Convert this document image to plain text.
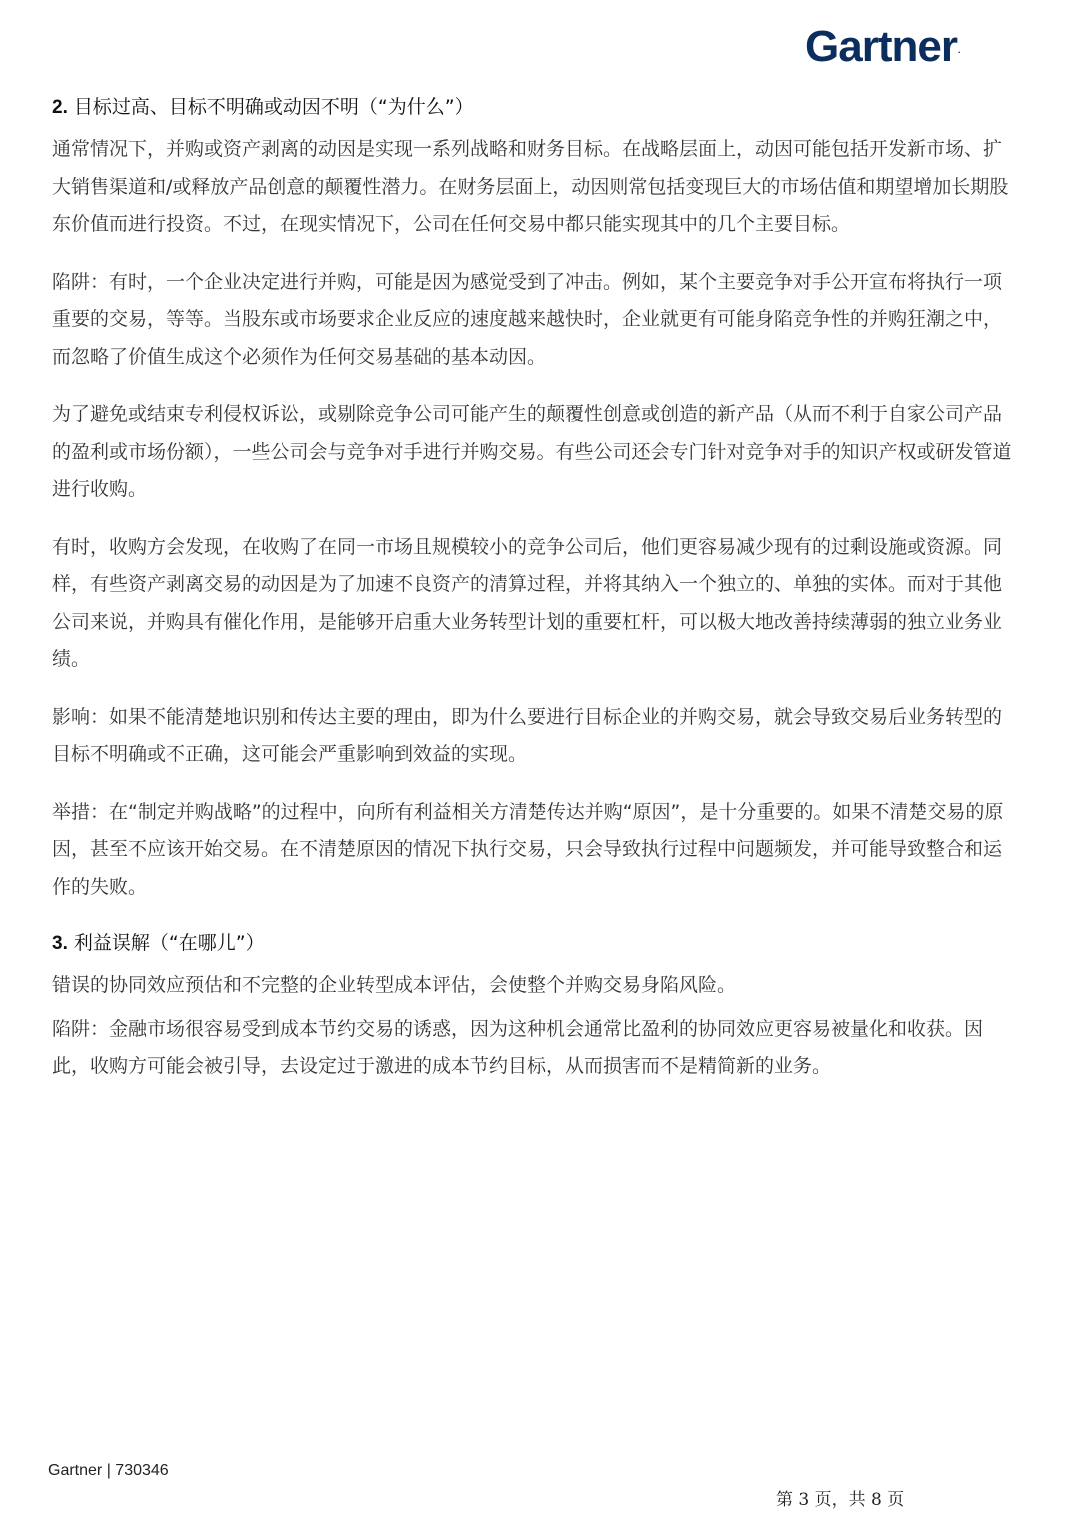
Gartner.
2. 目标过高、目标不明确或动因不明（“为什么”）

通常情况下，并购或资产剥离的动因是实现一系列战略和财务目标。在战略层面上，动因可能包括开发新市场、扩大销售渠道和/或释放产品创意的颠覆性潜力。在财务层面上，动因则常包括变现巨大的市场估值和期望增加长期股东价值而进行投资。不过，在现实情况下，公司在任何交易中都只能实现其中的几个主要目标。

陷阱：有时，一个企业决定进行并购，可能是因为感觉受到了冲击。例如，某个主要竞争对手公开宣布将执行一项重要的交易，等等。当股东或市场要求企业反应的速度越来越快时，企业就更有可能身陷竞争性的并购狂潮之中，而忽略了价值生成这个必须作为任何交易基础的基本动因。

为了避免或结束专利侵权诉讼，或剔除竞争公司可能产生的颠覆性创意或创造的新产品（从而不利于自家公司产品的盈利或市场份额），一些公司会与竞争对手进行并购交易。有些公司还会专门针对竞争对手的知识产权或研发管道进行收购。

有时，收购方会发现，在收购了在同一市场且规模较小的竞争公司后，他们更容易减少现有的过剩设施或资源。同样，有些资产剥离交易的动因是为了加速不良资产的清算过程，并将其纳入一个独立的、单独的实体。而对于其他公司来说，并购具有催化作用，是能够开启重大业务转型计划的重要杠杆，可以极大地改善持续薄弱的独立业务业绩。

影响：如果不能清楚地识别和传达主要的理由，即为什么要进行目标企业的并购交易，就会导致交易后业务转型的目标不明确或不正确，这可能会严重影响到效益的实现。

举措：在“制定并购战略”的过程中，向所有利益相关方清楚传达并购“原因”，是十分重要的。如果不清楚交易的原因，甚至不应该开始交易。在不清楚原因的情况下执行交易，只会导致执行过程中问题频发，并可能导致整合和运作的失败。

3. 利益误解（“在哪儿”）

错误的协同效应预估和不完整的企业转型成本评估，会使整个并购交易身陷风险。

陷阱：金融市场很容易受到成本节约交易的诱惑，因为这种机会通常比盈利的协同效应更容易被量化和收获。因此，收购方可能会被引导，去设定过于激进的成本节约目标，从而损害而不是精简新的业务。

Gartner | 730346
第 3 页，共 8 页
